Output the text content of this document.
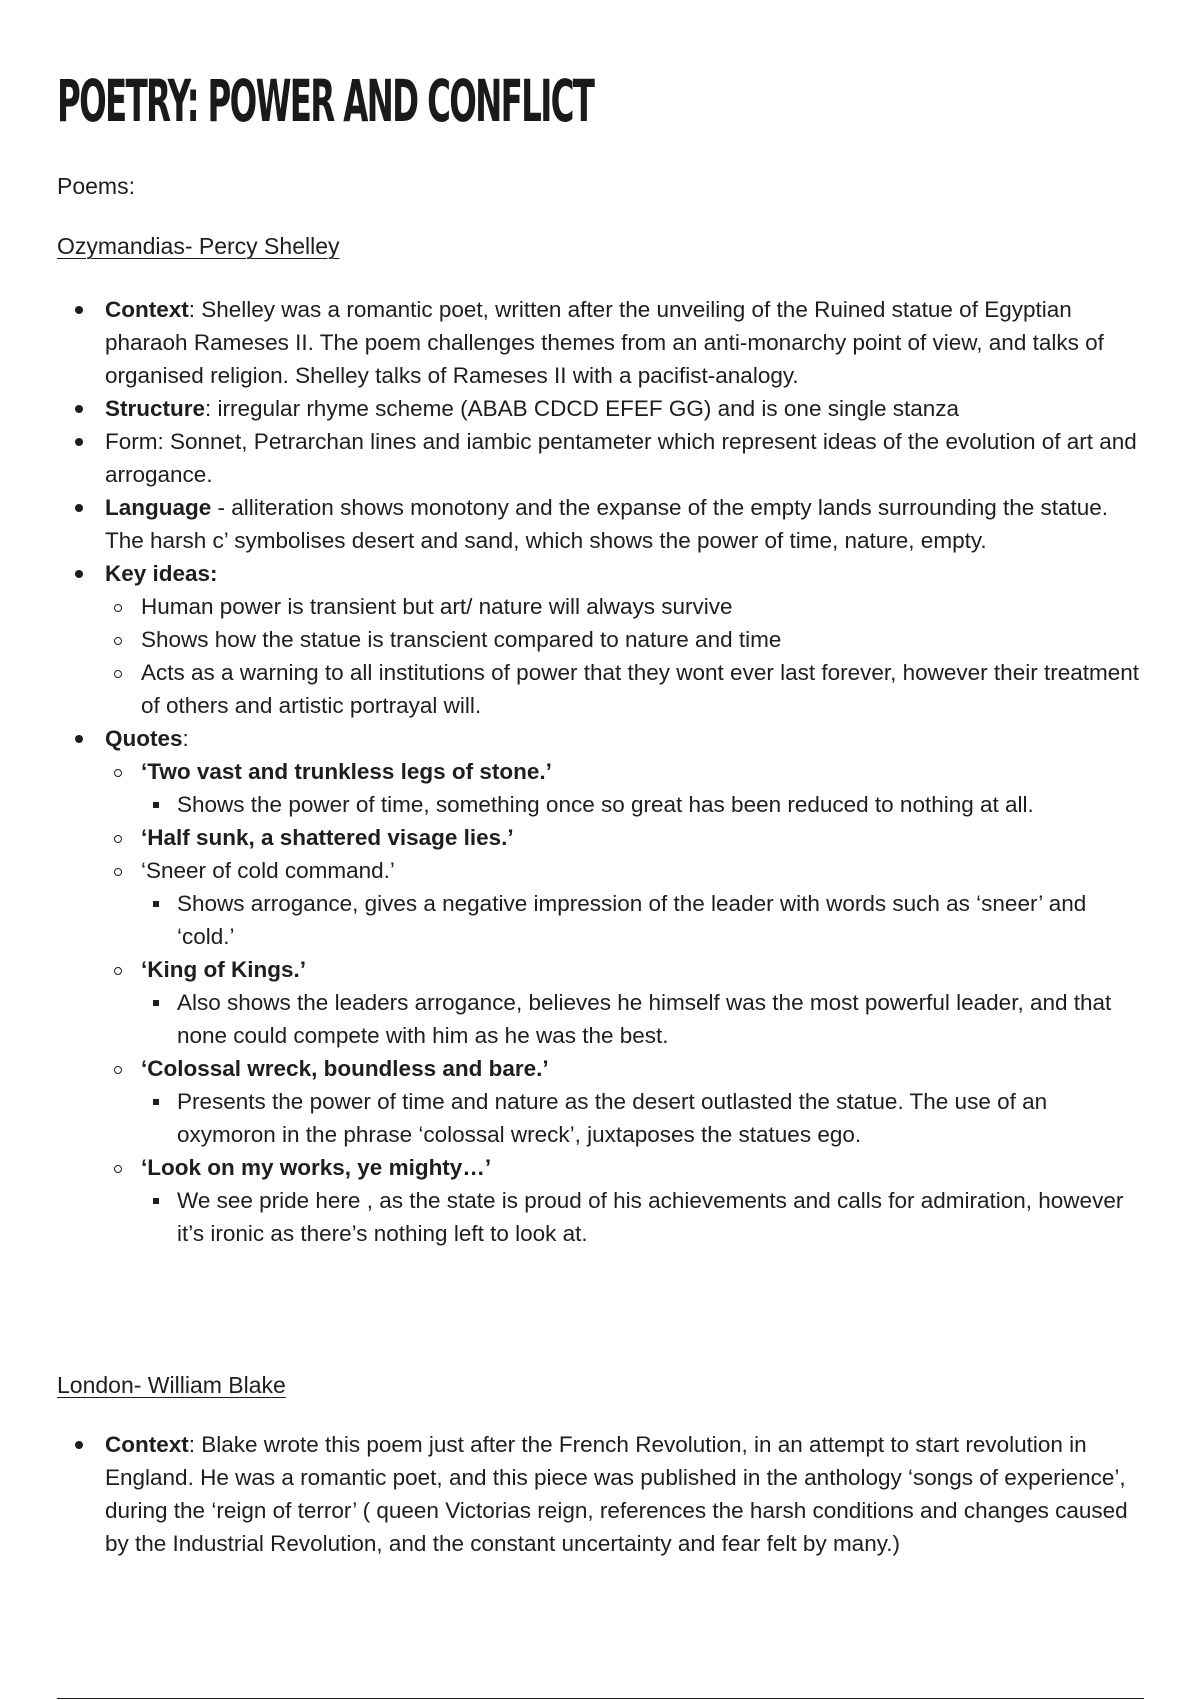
POETRY: POWER AND CONFLICT
Poems:
Ozymandias- Percy Shelley
Context: Shelley was a romantic poet, written after the unveiling of the Ruined statue of Egyptian pharaoh Rameses II. The poem challenges themes from an anti-monarchy point of view, and talks of organised religion. Shelley talks of Rameses II with a pacifist-analogy.
Structure: irregular rhyme scheme (ABAB CDCD EFEF GG) and is one single stanza
Form: Sonnet, Petrarchan lines and iambic pentameter which represent ideas of the evolution of art and arrogance.
Language - alliteration shows monotony and the expanse of the empty lands surrounding the statue. The harsh c’ symbolises desert and sand, which shows the power of time, nature, empty.
Key ideas:
Human power is transient but art/ nature will always survive
Shows how the statue is transcient compared to nature and time
Acts as a warning to all institutions of power that they wont ever last forever, however their treatment of others and artistic portrayal will.
Quotes:
‘Two vast and trunkless legs of stone.’
Shows the power of time, something once so great has been reduced to nothing at all.
‘Half sunk, a shattered visage lies.’
‘Sneer of cold command.’
Shows arrogance, gives a negative impression of the leader with words such as ‘sneer’ and ‘cold.’
‘King of Kings.’
Also shows the leaders arrogance, believes he himself was the most powerful leader, and that none could compete with him as he was the best.
‘Colossal wreck, boundless and bare.’
Presents the power of time and nature as the desert outlasted the statue. The use of an oxymoron in the phrase ‘colossal wreck’, juxtaposes the statues ego.
‘Look on my works, ye mighty…’
We see pride here , as the state is proud of his achievements and calls for admiration, however it’s ironic as there’s nothing left to look at.
London- William Blake
Context: Blake wrote this poem just after the French Revolution, in an attempt to start revolution in England. He was a romantic poet, and this piece was published in the anthology ‘songs of experience’, during the ‘reign of terror’ ( queen Victorias reign, references the harsh conditions and changes caused by the Industrial Revolution, and the constant uncertainty and fear felt by many.)
